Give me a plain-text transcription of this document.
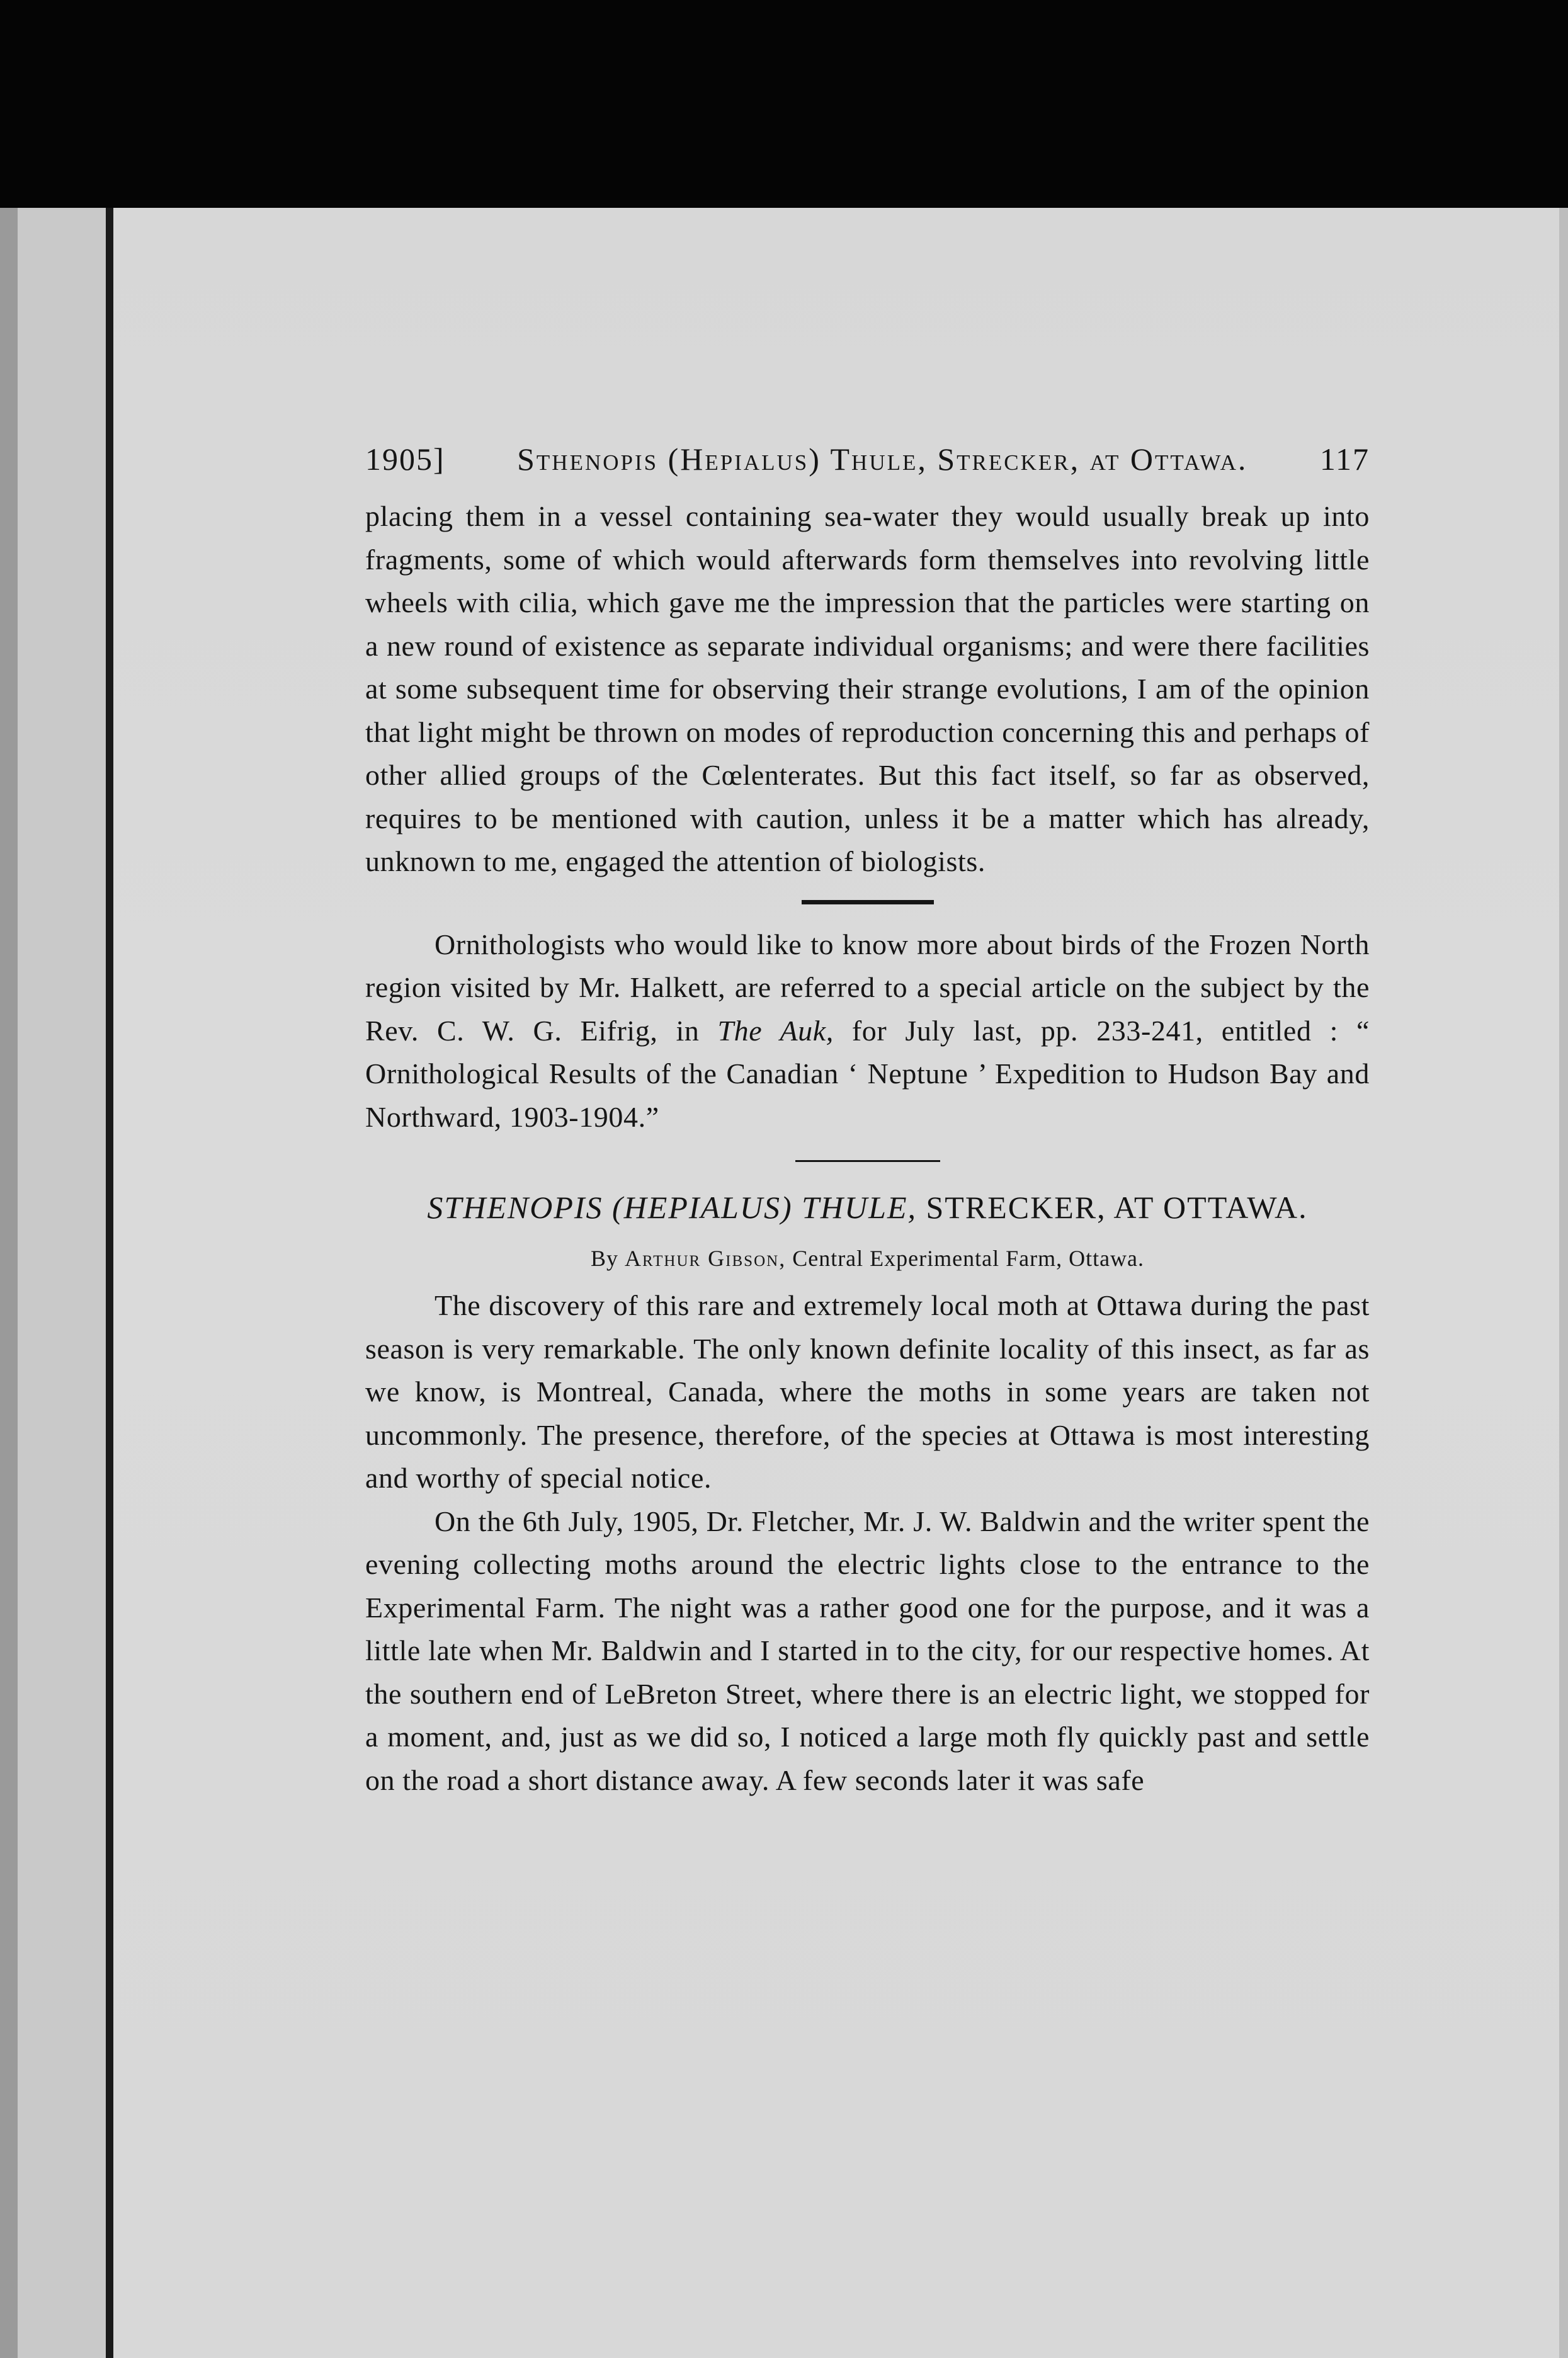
1905] Sthenopis (Hepialus) Thule, Strecker, at Ottawa. 117

placing them in a vessel containing sea-water they would usually break up into fragments, some of which would afterwards form themselves into revolving little wheels with cilia, which gave me the impression that the particles were starting on a new round of existence as separate individual organisms; and were there facilities at some subsequent time for observing their strange evolutions, I am of the opinion that light might be thrown on modes of reproduction concerning this and perhaps of other allied groups of the Cœlenterates. But this fact itself, so far as observed, requires to be mentioned with caution, unless it be a matter which has already, unknown to me, engaged the attention of biologists.

Ornithologists who would like to know more about birds of the Frozen North region visited by Mr. Halkett, are referred to a special article on the subject by the Rev. C. W. G. Eifrig, in The Auk, for July last, pp. 233-241, entitled : “ Ornithological Results of the Canadian ‘ Neptune ’ Expedition to Hudson Bay and Northward, 1903-1904.”

STHENOPIS (HEPIALUS) THULE, STRECKER, AT OTTAWA.

By Arthur Gibson, Central Experimental Farm, Ottawa.

The discovery of this rare and extremely local moth at Ottawa during the past season is very remarkable. The only known definite locality of this insect, as far as we know, is Montreal, Canada, where the moths in some years are taken not uncommonly. The presence, therefore, of the species at Ottawa is most interesting and worthy of special notice.

On the 6th July, 1905, Dr. Fletcher, Mr. J. W. Baldwin and the writer spent the evening collecting moths around the electric lights close to the entrance to the Experimental Farm. The night was a rather good one for the purpose, and it was a little late when Mr. Baldwin and I started in to the city, for our respective homes. At the southern end of LeBreton Street, where there is an electric light, we stopped for a moment, and, just as we did so, I noticed a large moth fly quickly past and settle on the road a short distance away. A few seconds later it was safe
